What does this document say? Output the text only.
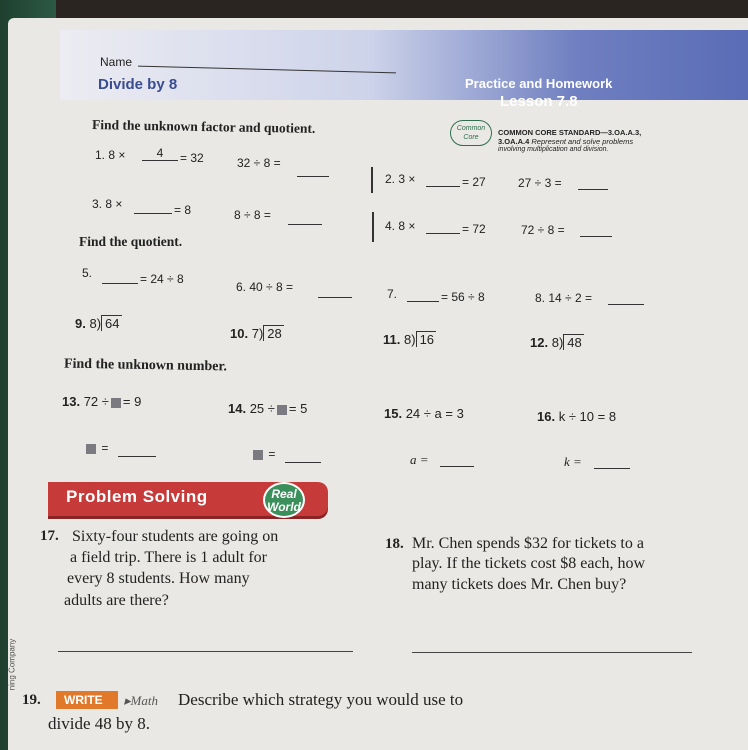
Name
Divide by 8	Practice and Homework
Lesson 7.8
Common Core
COMMON CORE STANDARD—3.OA.A.3,
3.OA.A.4 Represent and solve problems
involving multiplication and division.
Find the unknown factor and quotient.
1. 8 ×	4	= 32	32 ÷ 8 =
2. 3 ×	= 27	27 ÷ 3 =
3. 8 ×	= 8	8 ÷ 8 =
4. 8 ×	= 72	72 ÷ 8 =
Find the quotient.
5.	= 24 ÷ 8
6. 40 ÷ 8 =	7.	= 56 ÷ 8	8. 14 ÷ 2 =
9. 8) 64
10. 7) 28	11. 8) 16	12. 8) 48
Find the unknown number.
13. 72 ÷ = 9	14. 25 ÷ = 5	15. 24 ÷ a = 3	16. k ÷ 10 = 8
=	=	a =	k =
Problem Solving	Real
World
17. Sixty-four students are going on
a field trip. There is 1 adult for
every 8 students. How many
adults are there?
18. Mr. Chen spends $32 for tickets to a
play. If the tickets cost $8 each, how
many tickets does Mr. Chen buy?
19. WRITE ▸Math Describe which strategy you would use to
divide 48 by 8.
ning Company
